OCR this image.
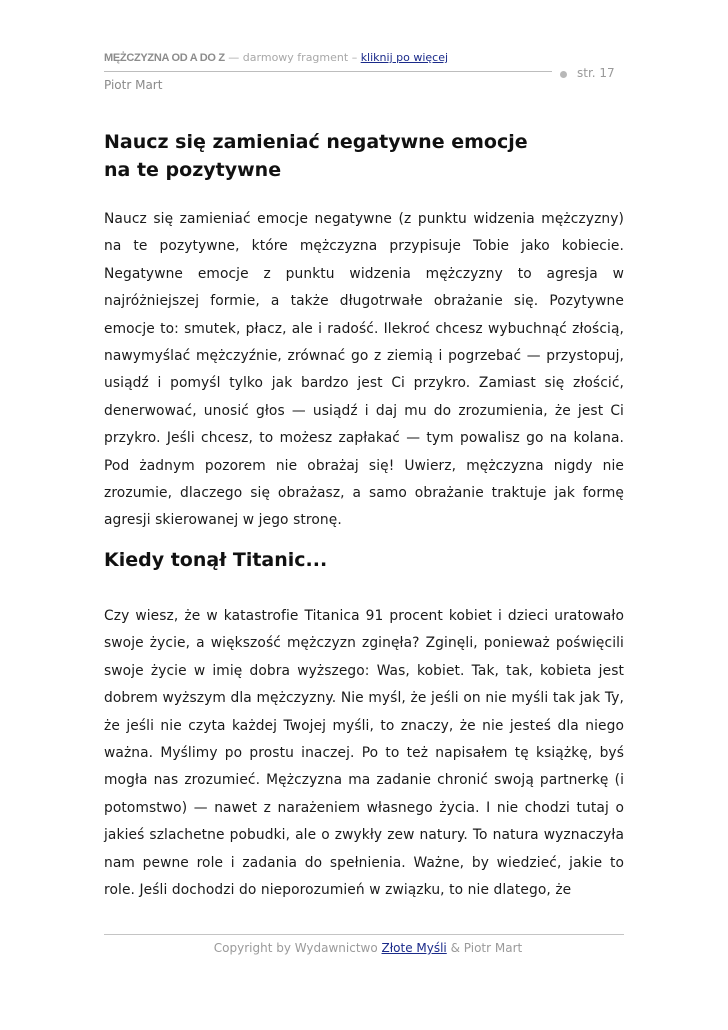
MĘŻCZYZNA OD A DO Z — darmowy fragment – kliknij po więcej
str. 17
Piotr Mart
Naucz się zamieniać negatywne emocje
na te pozytywne

Naucz się zamieniać emocje negatywne (z punktu widzenia mężczyzny) na te pozytywne, które mężczyzna przypisuje Tobie jako kobiecie. Negatywne emocje z punktu widzenia mężczyzny to agresja w najróżniejszej formie, a także długotrwałe obrażanie się. Pozytywne emocje to: smutek, płacz, ale i radość. Ilekroć chcesz wybuchnąć złością, nawymyślać mężczyźnie, zrównać go z ziemią i pogrzebać — przystopuj, usiądź i pomyśl tylko jak bardzo jest Ci przykro. Zamiast się złościć, denerwować, unosić głos — usiądź i daj mu do zrozumienia, że jest Ci przykro. Jeśli chcesz, to możesz zapłakać — tym powalisz go na kolana. Pod żadnym pozorem nie obrażaj się! Uwierz, mężczyzna nigdy nie zrozumie, dlaczego się obrażasz, a samo obrażanie traktuje jak formę agresji skierowanej w jego stronę.

Kiedy tonął Titanic...

Czy wiesz, że w katastrofie Titanica 91 procent kobiet i dzieci uratowało swoje życie, a większość mężczyzn zginęła? Zginęli, ponieważ poświęcili swoje życie w imię dobra wyższego: Was, kobiet. Tak, tak, kobieta jest dobrem wyższym dla mężczyzny. Nie myśl, że jeśli on nie myśli tak jak Ty, że jeśli nie czyta każdej Twojej myśli, to znaczy, że nie jesteś dla niego ważna. Myślimy po prostu inaczej. Po to też napisałem tę książkę, byś mogła nas zrozumieć. Mężczyzna ma zadanie chronić swoją partnerkę (i potomstwo) — nawet z narażeniem własnego życia. I nie chodzi tutaj o jakieś szlachetne pobudki, ale o zwykły zew natury. To natura wyznaczyła nam pewne role i zadania do spełnienia. Ważne, by wiedzieć, jakie to role. Jeśli dochodzi do nieporozumień w związku, to nie dlatego, że

Copyright by Wydawnictwo Złote Myśli & Piotr Mart
